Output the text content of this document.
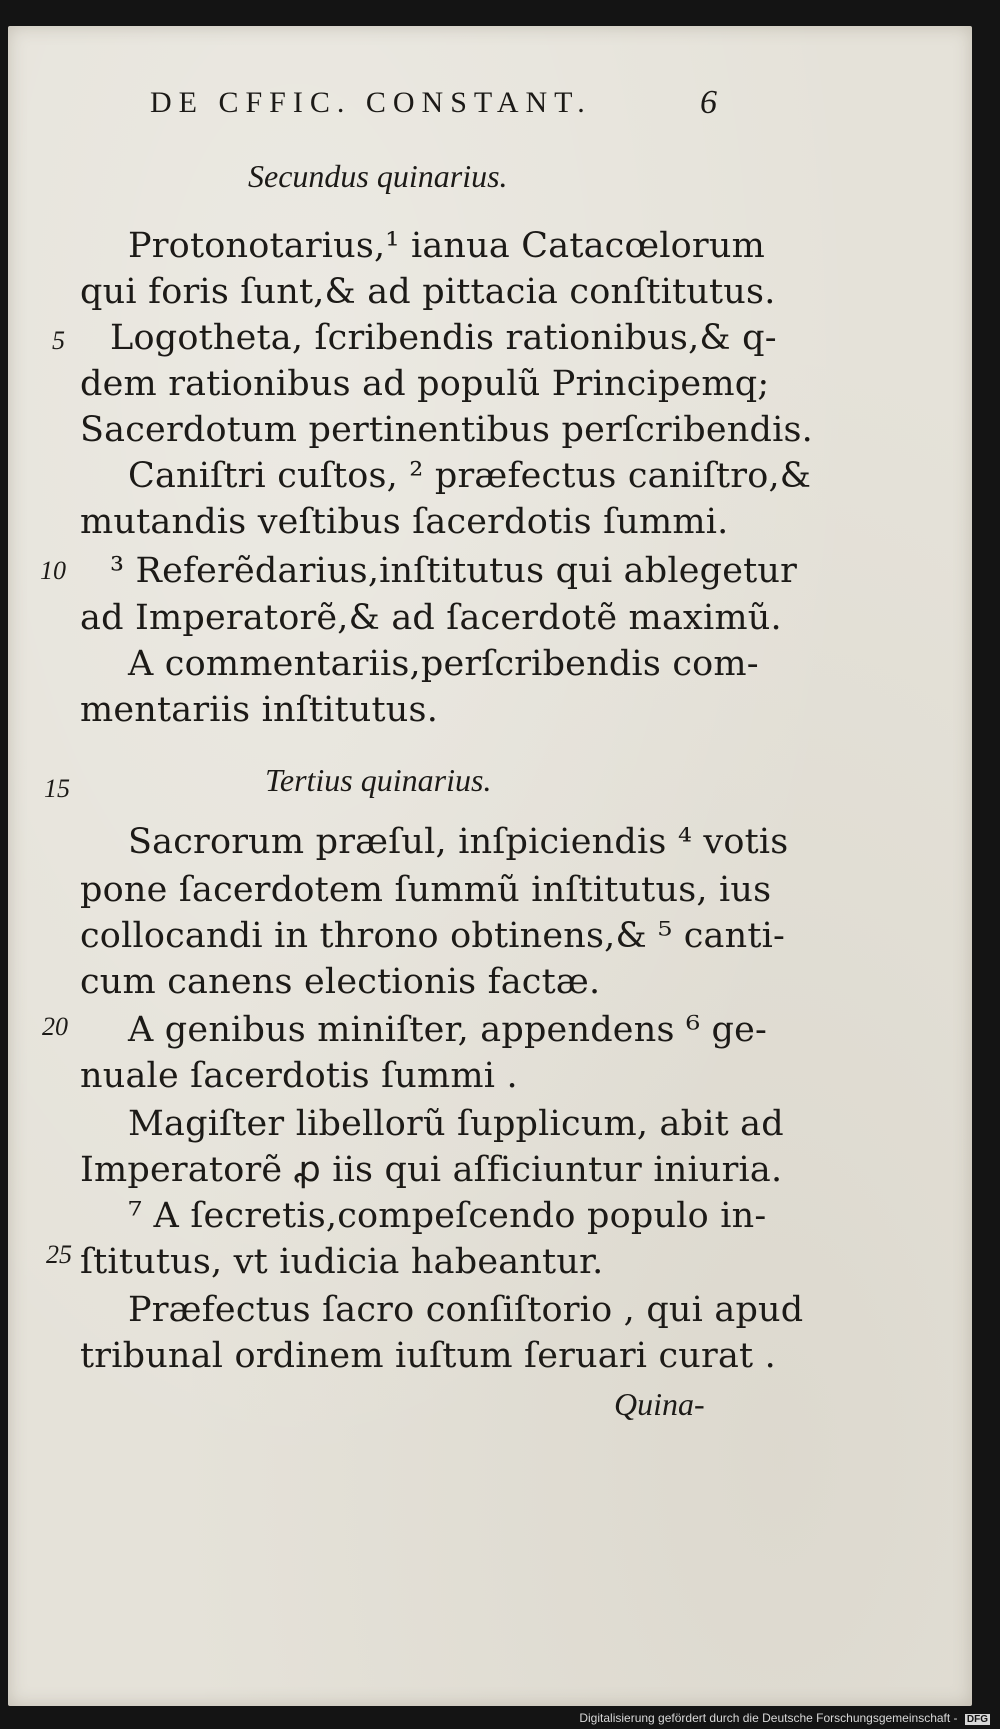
DE CFFIC. CONSTANT.	6
Secundus quinarius.
Protonotarius,¹ ianua Catacœlorum
qui foris ſunt,& ad pittacia conſtitutus.
Logotheta, ſcribendis rationibus,& q-
dem rationibus ad populũ Principemq;
Sacerdotum pertinentibus perſcribendis.
Caniſtri cuſtos, ² præfectus caniſtro,&
mutandis veſtibus ſacerdotis ſummi.
³ Referẽdarius,inſtitutus qui ablegetur
ad Imperatorẽ,& ad ſacerdotẽ maximũ.
A commentariis,perſcribendis com-
mentariis inſtitutus.
Tertius quinarius.
Sacrorum præſul, inſpiciendis ⁴ votis
pone ſacerdotem ſummũ inſtitutus, ius
collocandi in throno obtinens,& ⁵ canti-
cum canens electionis factæ.
A genibus miniſter, appendens ⁶ ge-
nuale ſacerdotis ſummi .
Magiſter libellorũ ſupplicum, abit ad
Imperatorẽ ꝓ iis qui aſficiuntur iniuria.
⁷ A ſecretis,compeſcendo populo in-
ſtitutus, vt iudicia habeantur.
Præfectus ſacro conſiſtorio , qui apud
tribunal ordinem iuſtum ſeruari curat .
5
10
15
20
25
Quina-
Digitalisierung gefördert durch die Deutsche Forschungsgemeinschaft - DFG
